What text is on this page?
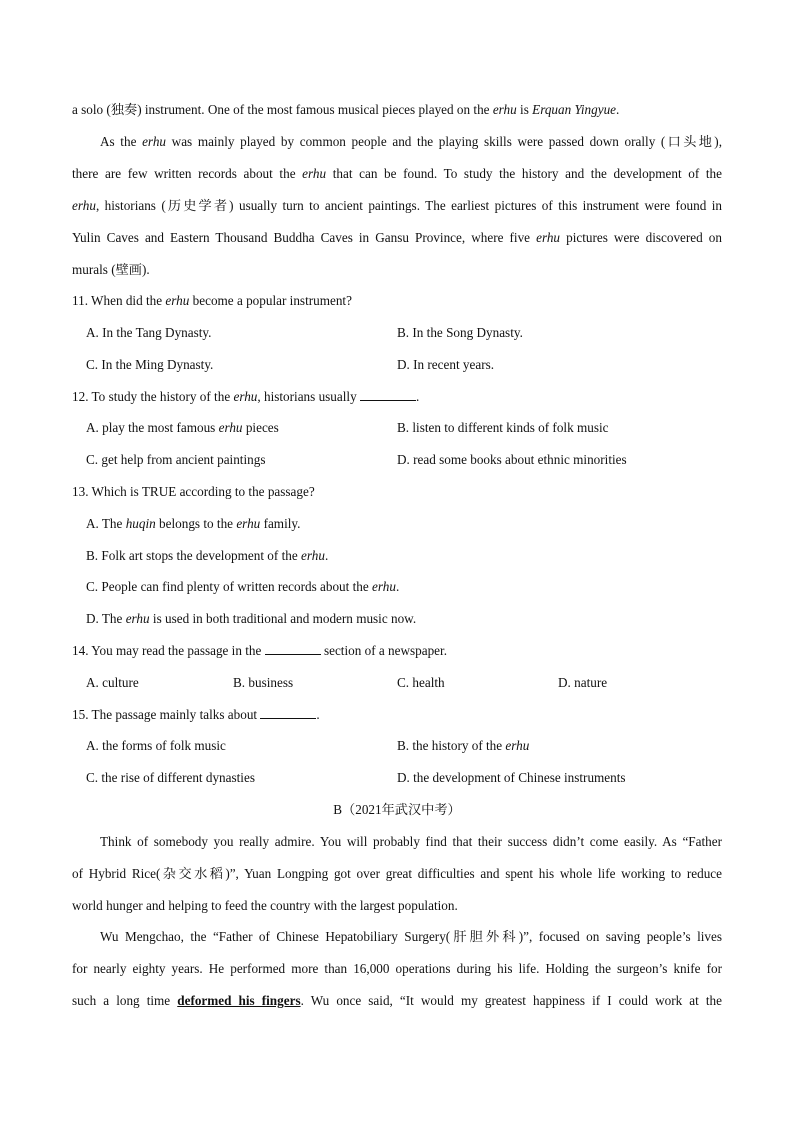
a solo (独奏) instrument. One of the most famous musical pieces played on the erhu is Erquan Yingyue.
As the erhu was mainly played by common people and the playing skills were passed down orally (口头地),
there are few written records about the erhu that can be found. To study the history and the development of the
erhu, historians (历史学者) usually turn to ancient paintings. The earliest pictures of this instrument were found in
Yulin Caves and Eastern Thousand Buddha Caves in Gansu Province, where five erhu pictures were discovered on
murals (壁画).
11. When did the erhu become a popular instrument?
A. In the Tang Dynasty.	B. In the Song Dynasty.
C. In the Ming Dynasty.	D. In recent years.
12. To study the history of the erhu, historians usually	.
A. play the most famous erhu pieces	B. listen to different kinds of folk music
C. get help from ancient paintings	D. read some books about ethnic minorities
13. Which is TRUE according to the passage?
A. The huqin belongs to the erhu family.
B. Folk art stops the development of the erhu.
C. People can find plenty of written records about the erhu.
D. The erhu is used in both traditional and modern music now.
14. You may read the passage in the	section of a newspaper.
A. culture	B. business	C. health	D. nature
15. The passage mainly talks about	.
A. the forms of folk music	B. the history of the erhu
C. the rise of different dynasties	D. the development of Chinese instruments
B（2021年武汉中考）
Think of somebody you really admire. You will probably find that their success didn’t come easily. As “Father
of Hybrid Rice(杂交水稻)”, Yuan Longping got over great difficulties and spent his whole life working to reduce
world hunger and helping to feed the country with the largest population.
Wu Mengchao, the “Father of Chinese Hepatobiliary Surgery(肝胆外科)”, focused on saving people’s lives
for nearly eighty years. He performed more than 16,000 operations during his life. Holding the surgeon’s knife for
such a long time deformed his fingers. Wu once said, “It would my greatest happiness if I could work at the
